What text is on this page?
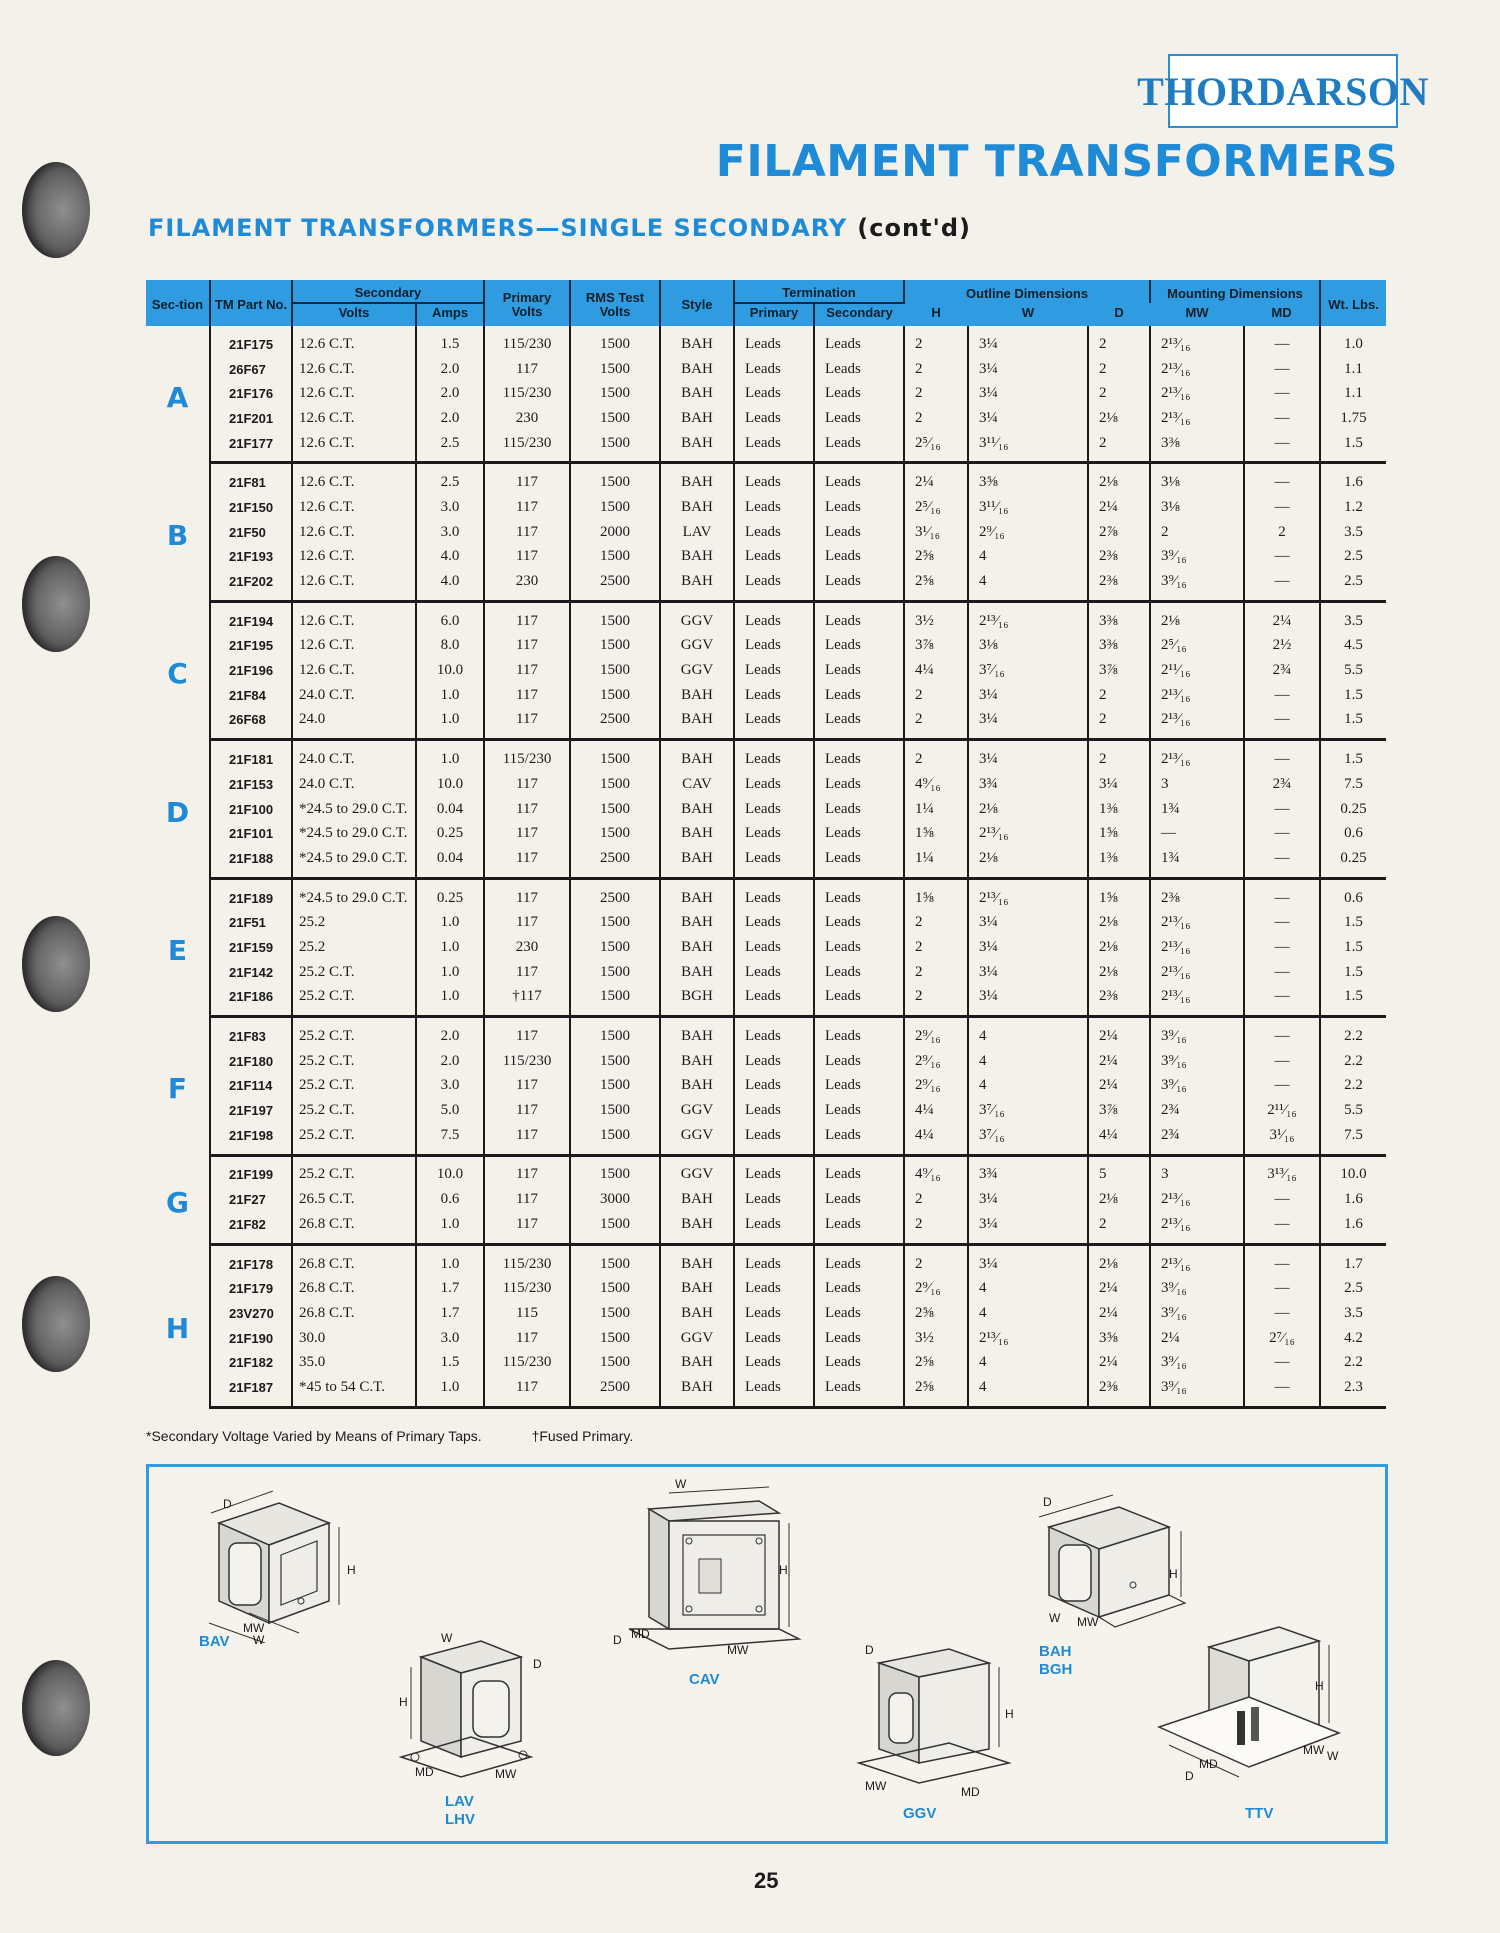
THORDARSON
FILAMENT TRANSFORMERS
FILAMENT TRANSFORMERS—SINGLE SECONDARY (cont'd)
Sec-tion	TM Part No.	Secondary		Primary Volts	RMS Test Volts	Style	Termination		Outline Dimensions			Mounting Dimensions		Wt. Lbs.
		Volts	Amps				Primary	Secondary	H	W	D	MW	MD	
A	21F175	12.6 C.T.	1.5	115/230	1500	BAH	Leads	Leads	2	3¼	2	2¹³⁄₁₆	—	1.0
	26F67	12.6 C.T.	2.0	117	1500	BAH	Leads	Leads	2	3¼	2	2¹³⁄₁₆	—	1.1
	21F176	12.6 C.T.	2.0	115/230	1500	BAH	Leads	Leads	2	3¼	2	2¹³⁄₁₆	—	1.1
	21F201	12.6 C.T.	2.0	230	1500	BAH	Leads	Leads	2	3¼	2⅛	2¹³⁄₁₆	—	1.75
	21F177	12.6 C.T.	2.5	115/230	1500	BAH	Leads	Leads	2⁵⁄₁₆	3¹¹⁄₁₆	2	3⅜	—	1.5
B	21F81	12.6 C.T.	2.5	117	1500	BAH	Leads	Leads	2¼	3⅝	2⅛	3⅛	—	1.6
	21F150	12.6 C.T.	3.0	117	1500	BAH	Leads	Leads	2⁵⁄₁₆	3¹¹⁄₁₆	2¼	3⅛	—	1.2
	21F50	12.6 C.T.	3.0	117	2000	LAV	Leads	Leads	3¹⁄₁₆	2⁹⁄₁₆	2⅞	2	2	3.5
	21F193	12.6 C.T.	4.0	117	1500	BAH	Leads	Leads	2⅝	4	2⅜	3⁹⁄₁₆	—	2.5
	21F202	12.6 C.T.	4.0	230	2500	BAH	Leads	Leads	2⅝	4	2⅜	3⁹⁄₁₆	—	2.5
C	21F194	12.6 C.T.	6.0	117	1500	GGV	Leads	Leads	3½	2¹³⁄₁₆	3⅜	2⅛	2¼	3.5
	21F195	12.6 C.T.	8.0	117	1500	GGV	Leads	Leads	3⅞	3⅛	3⅜	2⁵⁄₁₆	2½	4.5
	21F196	12.6 C.T.	10.0	117	1500	GGV	Leads	Leads	4¼	3⁷⁄₁₆	3⅞	2¹¹⁄₁₆	2¾	5.5
	21F84	24.0 C.T.	1.0	117	1500	BAH	Leads	Leads	2	3¼	2	2¹³⁄₁₆	—	1.5
	26F68	24.0	1.0	117	2500	BAH	Leads	Leads	2	3¼	2	2¹³⁄₁₆	—	1.5
D	21F181	24.0 C.T.	1.0	115/230	1500	BAH	Leads	Leads	2	3¼	2	2¹³⁄₁₆	—	1.5
	21F153	24.0 C.T.	10.0	117	1500	CAV	Leads	Leads	4⁹⁄₁₆	3¾	3¼	3	2¾	7.5
	21F100	*24.5 to 29.0 C.T.	0.04	117	1500	BAH	Leads	Leads	1¼	2⅛	1⅜	1¾	—	0.25
	21F101	*24.5 to 29.0 C.T.	0.25	117	1500	BAH	Leads	Leads	1⅝	2¹³⁄₁₆	1⅝	—	—	0.6
	21F188	*24.5 to 29.0 C.T.	0.04	117	2500	BAH	Leads	Leads	1¼	2⅛	1⅜	1¾	—	0.25
E	21F189	*24.5 to 29.0 C.T.	0.25	117	2500	BAH	Leads	Leads	1⅝	2¹³⁄₁₆	1⅝	2⅜	—	0.6
	21F51	25.2	1.0	117	1500	BAH	Leads	Leads	2	3¼	2⅛	2¹³⁄₁₆	—	1.5
	21F159	25.2	1.0	230	1500	BAH	Leads	Leads	2	3¼	2⅛	2¹³⁄₁₆	—	1.5
	21F142	25.2 C.T.	1.0	117	1500	BAH	Leads	Leads	2	3¼	2⅛	2¹³⁄₁₆	—	1.5
	21F186	25.2 C.T.	1.0	†117	1500	BGH	Leads	Leads	2	3¼	2⅜	2¹³⁄₁₆	—	1.5
F	21F83	25.2 C.T.	2.0	117	1500	BAH	Leads	Leads	2⁹⁄₁₆	4	2¼	3⁹⁄₁₆	—	2.2
	21F180	25.2 C.T.	2.0	115/230	1500	BAH	Leads	Leads	2⁹⁄₁₆	4	2¼	3⁹⁄₁₆	—	2.2
	21F114	25.2 C.T.	3.0	117	1500	BAH	Leads	Leads	2⁹⁄₁₆	4	2¼	3⁹⁄₁₆	—	2.2
	21F197	25.2 C.T.	5.0	117	1500	GGV	Leads	Leads	4¼	3⁷⁄₁₆	3⅞	2¾	2¹¹⁄₁₆	5.5
	21F198	25.2 C.T.	7.5	117	1500	GGV	Leads	Leads	4¼	3⁷⁄₁₆	4¼	2¾	3¹⁄₁₆	7.5
G	21F199	25.2 C.T.	10.0	117	1500	GGV	Leads	Leads	4⁹⁄₁₆	3¾	5	3	3¹³⁄₁₆	10.0
	21F27	26.5 C.T.	0.6	117	3000	BAH	Leads	Leads	2	3¼	2⅛	2¹³⁄₁₆	—	1.6
	21F82	26.8 C.T.	1.0	117	1500	BAH	Leads	Leads	2	3¼	2	2¹³⁄₁₆	—	1.6
H	21F178	26.8 C.T.	1.0	115/230	1500	BAH	Leads	Leads	2	3¼	2⅛	2¹³⁄₁₆	—	1.7
	21F179	26.8 C.T.	1.7	115/230	1500	BAH	Leads	Leads	2⁹⁄₁₆	4	2¼	3⁹⁄₁₆	—	2.5
	23V270	26.8 C.T.	1.7	115	1500	BAH	Leads	Leads	2⅝	4	2¼	3⁹⁄₁₆	—	3.5
	21F190	30.0	3.0	117	1500	GGV	Leads	Leads	3½	2¹³⁄₁₆	3⅝	2¼	2⁷⁄₁₆	4.2
	21F182	35.0	1.5	115/230	1500	BAH	Leads	Leads	2⅝	4	2¼	3⁹⁄₁₆	—	2.2
	21F187	*45 to 54 C.T.	1.0	117	2500	BAH	Leads	Leads	2⅝	4	2⅜	3⁹⁄₁₆	—	2.3
*Secondary Voltage Varied by Means of Primary Taps.	†Fused Primary.
D
H
MW
W
BAV	W
D
H
MD	MW
LAV
LHV
W
H
D MD
MW
CAV
D
H
MW	MD
GGV
D
H
W MW
BAH
BGH
H
MW W
MD
D
TTV
25
